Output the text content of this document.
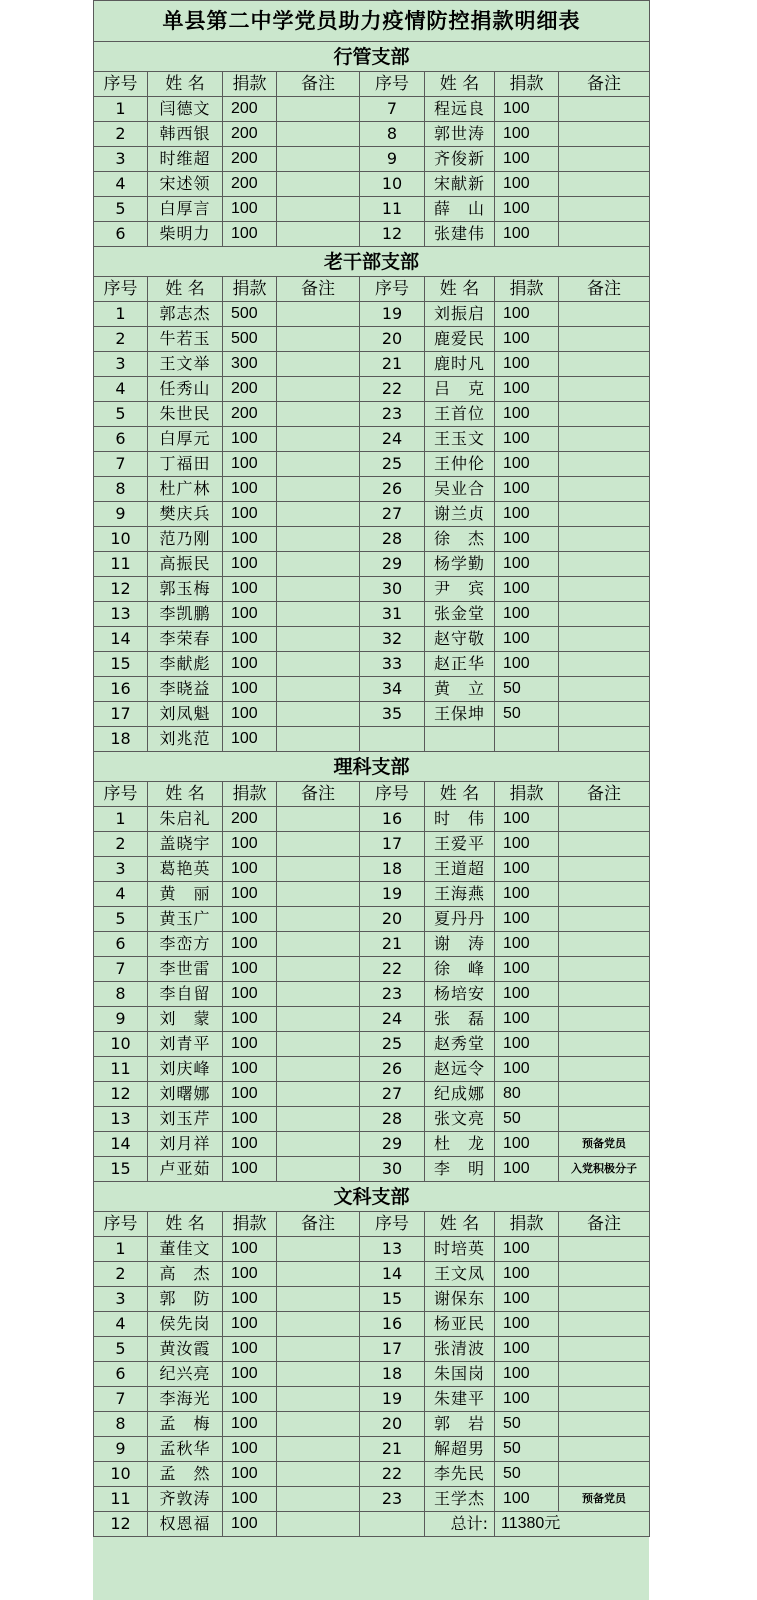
单县第二中学党员助力疫情防控捐款明细表							
行管支部							
序号	姓 名	捐款	备注	序号	姓 名	捐款	备注
1	闫德文	200		7	程远良	100	
2	韩西银	200		8	郭世涛	100	
3	时维超	200		9	齐俊新	100	
4	宋述领	200		10	宋献新	100	
5	白厚言	100		11	薛　山	100	
6	柴明力	100		12	张建伟	100	
老干部支部							
序号	姓 名	捐款	备注	序号	姓 名	捐款	备注
1	郭志杰	500		19	刘振启	100	
2	牛若玉	500		20	鹿爱民	100	
3	王文举	300		21	鹿时凡	100	
4	任秀山	200		22	吕　克	100	
5	朱世民	200		23	王首位	100	
6	白厚元	100		24	王玉文	100	
7	丁福田	100		25	王仲伦	100	
8	杜广林	100		26	吴业合	100	
9	樊庆兵	100		27	谢兰贞	100	
10	范乃刚	100		28	徐　杰	100	
11	高振民	100		29	杨学勤	100	
12	郭玉梅	100		30	尹　宾	100	
13	李凯鹏	100		31	张金堂	100	
14	李荣春	100		32	赵守敬	100	
15	李献彪	100		33	赵正华	100	
16	李晓益	100		34	黄　立	50	
17	刘凤魁	100		35	王保坤	50	
18	刘兆范	100					
理科支部							
序号	姓 名	捐款	备注	序号	姓 名	捐款	备注
1	朱启礼	200		16	时　伟	100	
2	盖晓宇	100		17	王爱平	100	
3	葛艳英	100		18	王道超	100	
4	黄　丽	100		19	王海燕	100	
5	黄玉广	100		20	夏丹丹	100	
6	李峦方	100		21	谢　涛	100	
7	李世雷	100		22	徐　峰	100	
8	李自留	100		23	杨培安	100	
9	刘　蒙	100		24	张　磊	100	
10	刘青平	100		25	赵秀堂	100	
11	刘庆峰	100		26	赵远令	100	
12	刘曙娜	100		27	纪成娜	80	
13	刘玉芹	100		28	张文亮	50	
14	刘月祥	100		29	杜　龙	100	预备党员
15	卢亚茹	100		30	李　明	100	入党积极分子
文科支部							
序号	姓 名	捐款	备注	序号	姓 名	捐款	备注
1	董佳文	100		13	时培英	100	
2	高　杰	100		14	王文凤	100	
3	郭　防	100		15	谢保东	100	
4	侯先岗	100		16	杨亚民	100	
5	黄汝霞	100		17	张清波	100	
6	纪兴亮	100		18	朱国岗	100	
7	李海光	100		19	朱建平	100	
8	孟　梅	100		20	郭　岩	50	
9	孟秋华	100		21	解超男	50	
10	孟　然	100		22	李先民	50	
11	齐敦涛	100		23	王学杰	100	预备党员
12	权恩福	100			总计:	11380元	
